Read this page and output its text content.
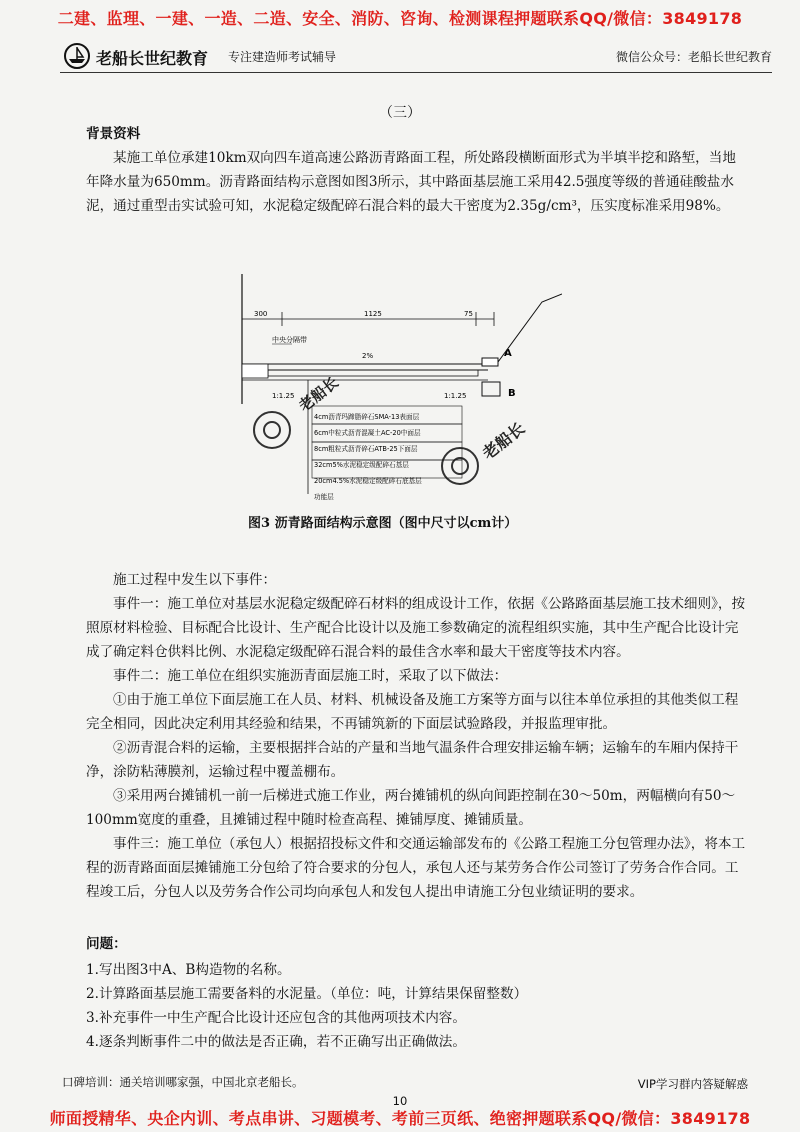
二建、监理、一建、一造、二造、安全、消防、咨询、检测课程押题联系QQ/微信：3849178
老船长世纪教育 专注建造师考试辅导	微信公众号：老船长世纪教育
（三）
背景资料
某施工单位承建10km双向四车道高速公路沥青路面工程，所处路段横断面形式为半填半挖和路堑，当地年降水量为650mm。沥青路面结构示意图如图3所示，其中路面基层施工采用42.5强度等级的普通硅酸盐水泥，通过重型击实试验可知，水泥稳定级配碎石混合料的最大干密度为2.35g/cm³，压实度标准采用98%。
300	1125	75
中央分隔带
2%	A
B
1:1.25	1:1.25
4cm沥青玛蹄脂碎石SMA-13表面层
6cm中粒式沥青混凝土AC-20中面层
8cm粗粒式沥青碎石ATB-25下面层
32cm5%水泥稳定级配碎石基层
20cm4.5%水泥稳定级配碎石底基层
功能层
老船长
老船长
图3 沥青路面结构示意图（图中尺寸以cm计）
施工过程中发生以下事件：
事件一：施工单位对基层水泥稳定级配碎石材料的组成设计工作，依据《公路路面基层施工技术细则》，按照原材料检验、目标配合比设计、生产配合比设计以及施工参数确定的流程组织实施，其中生产配合比设计完成了确定料仓供料比例、水泥稳定级配碎石混合料的最佳含水率和最大干密度等技术内容。
事件二：施工单位在组织实施沥青面层施工时，采取了以下做法：
①由于施工单位下面层施工在人员、材料、机械设备及施工方案等方面与以往本单位承担的其他类似工程完全相同，因此决定利用其经验和结果，不再铺筑新的下面层试验路段，并报监理审批。
②沥青混合料的运输，主要根据拌合站的产量和当地气温条件合理安排运输车辆；运输车的车厢内保持干净，涂防粘薄膜剂，运输过程中覆盖棚布。
③采用两台摊铺机一前一后梯进式施工作业，两台摊铺机的纵向间距控制在30～50m，两幅横向有50～100mm宽度的重叠，且摊铺过程中随时检查高程、摊铺厚度、摊铺质量。
事件三：施工单位（承包人）根据招投标文件和交通运输部发布的《公路工程施工分包管理办法》，将本工程的沥青路面面层摊铺施工分包给了符合要求的分包人，承包人还与某劳务合作公司签订了劳务合作合同。工程竣工后，分包人以及劳务合作公司均向承包人和发包人提出申请施工分包业绩证明的要求。
问题：
1.写出图3中A、B构造物的名称。
2.计算路面基层施工需要备料的水泥量。（单位：吨，计算结果保留整数）
3.补充事件一中生产配合比设计还应包含的其他两项技术内容。
4.逐条判断事件二中的做法是否正确，若不正确写出正确做法。
口碑培训：通关培训哪家强，中国北京老船长。	VIP学习群内答疑解惑
10
师面授精华、央企内训、考点串讲、习题模考、考前三页纸、绝密押题联系QQ/微信：3849178
